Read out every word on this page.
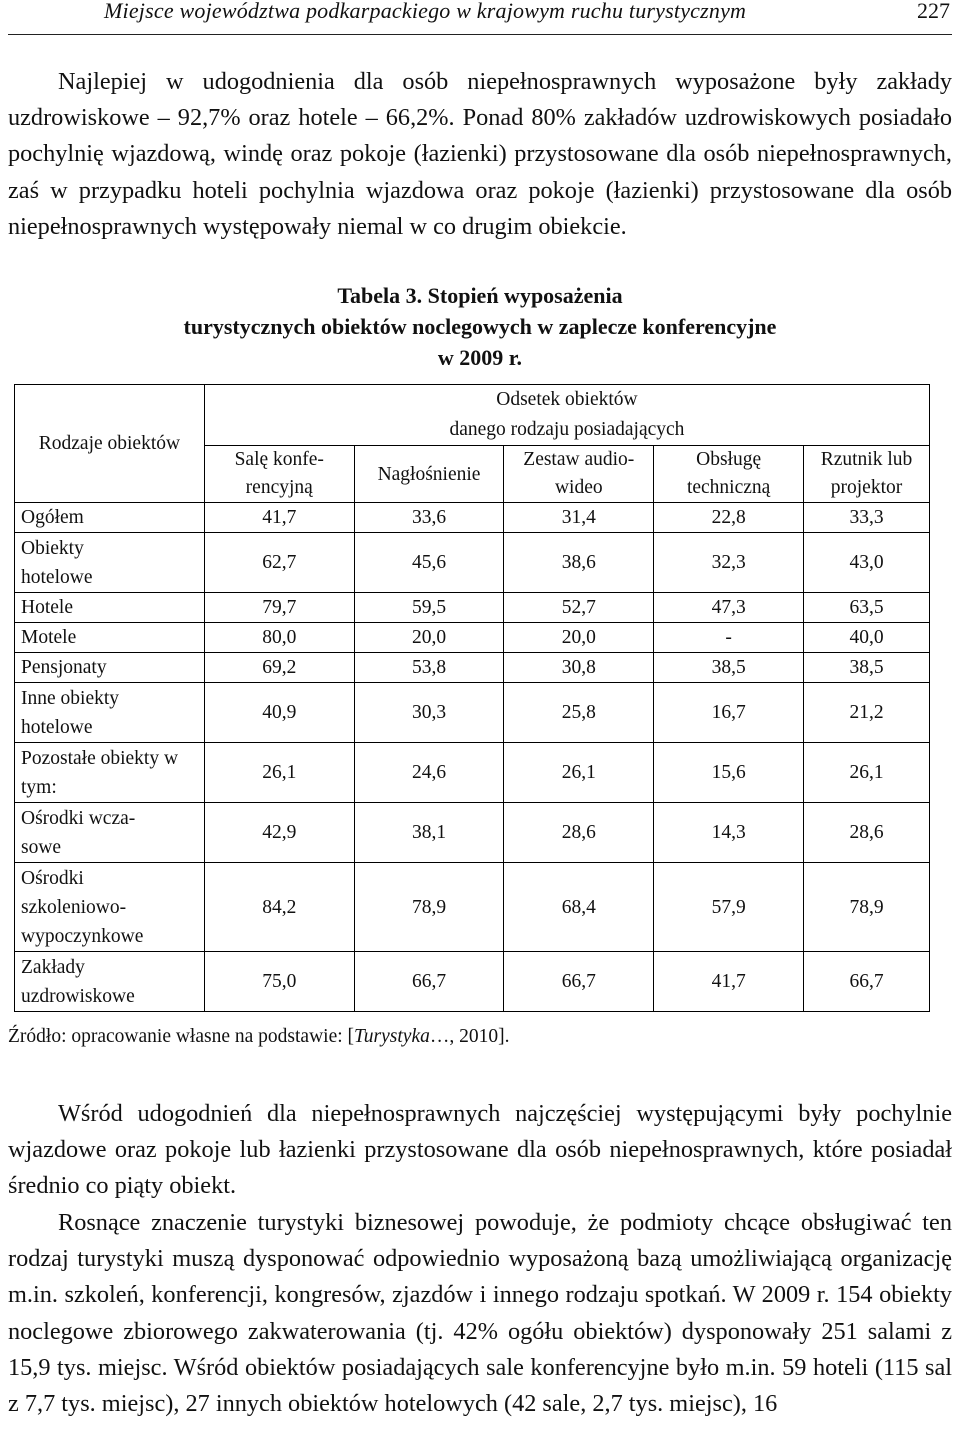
Miejsce województwa podkarpackiego w krajowym ruchu turystycznym	227

Najlepiej w udogodnienia dla osób niepełnosprawnych wyposażone były zakłady uzdrowiskowe – 92,7% oraz hotele – 66,2%. Ponad 80% zakładów uzdrowiskowych posiadało pochylnię wjazdową, windę oraz pokoje (łazienki) przystosowane dla osób niepełnosprawnych, zaś w przypadku hoteli pochylnia wjazdowa oraz pokoje (łazienki) przystosowane dla osób niepełnosprawnych występowały niemal w co drugim obiekcie.

Tabela 3. Stopień wyposażenia
turystycznych obiektów noclegowych w zaplecze konferencyjne
w 2009 r.
Rodzaje obiektów	Odsetek obiektów
danego rodzaju posiadających				

	Salę konfe-rencyjną	Nagłośnienie	Zestaw audio-wideo	Obsługę techniczną	Rzutnik lub projektor

Ogółem	41,7	33,6	31,4	22,8	33,3

Obiekty hotelowe	62,7	45,6	38,6	32,3	43,0
Hotele	79,7	59,5	52,7	47,3	63,5
Motele	80,0	20,0	20,0	-	40,0
Pensjonaty	69,2	53,8	30,8	38,5	38,5

Inne obiekty hotelowe	40,9	30,3	25,8	16,7	21,2

Pozostałe obiekty w tym:	26,1	24,6	26,1	15,6	26,1

Ośrodki wcza-sowe	42,9	38,1	28,6	14,3	28,6

Ośrodki szkoleniowo-wypoczynkowe	84,2	78,9	68,4	57,9	78,9

Zakłady uzdrowiskowe	75,0	66,7	66,7	41,7	66,7
Źródło: opracowanie własne na podstawie: [Turystyka…, 2010].

Wśród udogodnień dla niepełnosprawnych najczęściej występującymi były pochylnie wjazdowe oraz pokoje lub łazienki przystosowane dla osób niepełnosprawnych, które posiadał średnio co piąty obiekt.

Rosnące znaczenie turystyki biznesowej powoduje, że podmioty chcące obsługiwać ten rodzaj turystyki muszą dysponować odpowiednio wyposażoną bazą umożliwiającą organizację m.in. szkoleń, konferencji, kongresów, zjazdów i innego rodzaju spotkań. W 2009 r. 154 obiekty noclegowe zbiorowego zakwaterowania (tj. 42% ogółu obiektów) dysponowały 251 salami z 15,9 tys. miejsc. Wśród obiektów posiadających sale konferencyjne było m.in. 59 hoteli (115 sal z 7,7 tys. miejsc), 27 innych obiektów hotelowych (42 sale, 2,7 tys. miejsc), 16
